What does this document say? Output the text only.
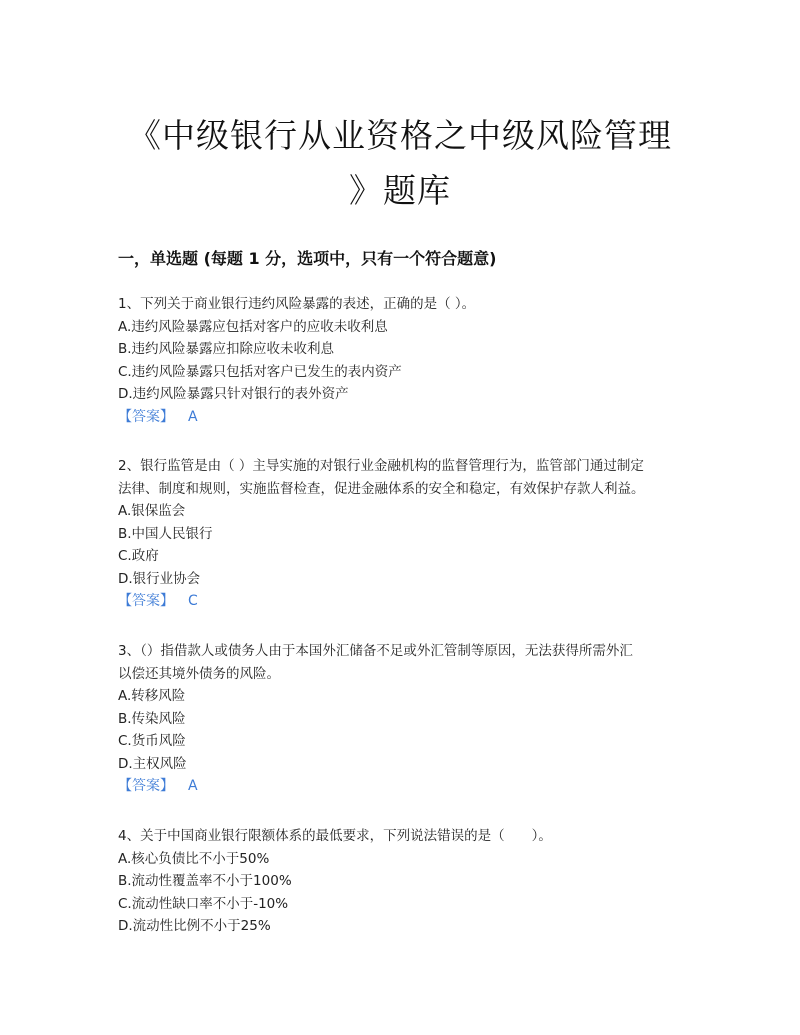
《中级银行从业资格之中级风险管理
》题库
一，单选题 (每题 1 分，选项中，只有一个符合题意)

1、下列关于商业银行违约风险暴露的表述，正确的是（ ）。

A.违约风险暴露应包括对客户的应收未收利息

B.违约风险暴露应扣除应收未收利息

C.违约风险暴露只包括对客户已发生的表内资产

D.违约风险暴露只针对银行的表外资产

【答案】 A

2、银行监管是由（ ）主导实施的对银行业金融机构的监督管理行为，监管部门通过制定

法律、制度和规则，实施监督检查，促进金融体系的安全和稳定，有效保护存款人利益。

A.银保监会

B.中国人民银行

C.政府

D.银行业协会

【答案】 C

3、（）指借款人或债务人由于本国外汇储备不足或外汇管制等原因，无法获得所需外汇

以偿还其境外债务的风险。

A.转移风险

B.传染风险

C.货币风险

D.主权风险

【答案】 A

4、关于中国商业银行限额体系的最低要求，下列说法错误的是（　　）。

A.核心负债比不小于50%

B.流动性覆盖率不小于100%

C.流动性缺口率不小于-10%

D.流动性比例不小于25%
